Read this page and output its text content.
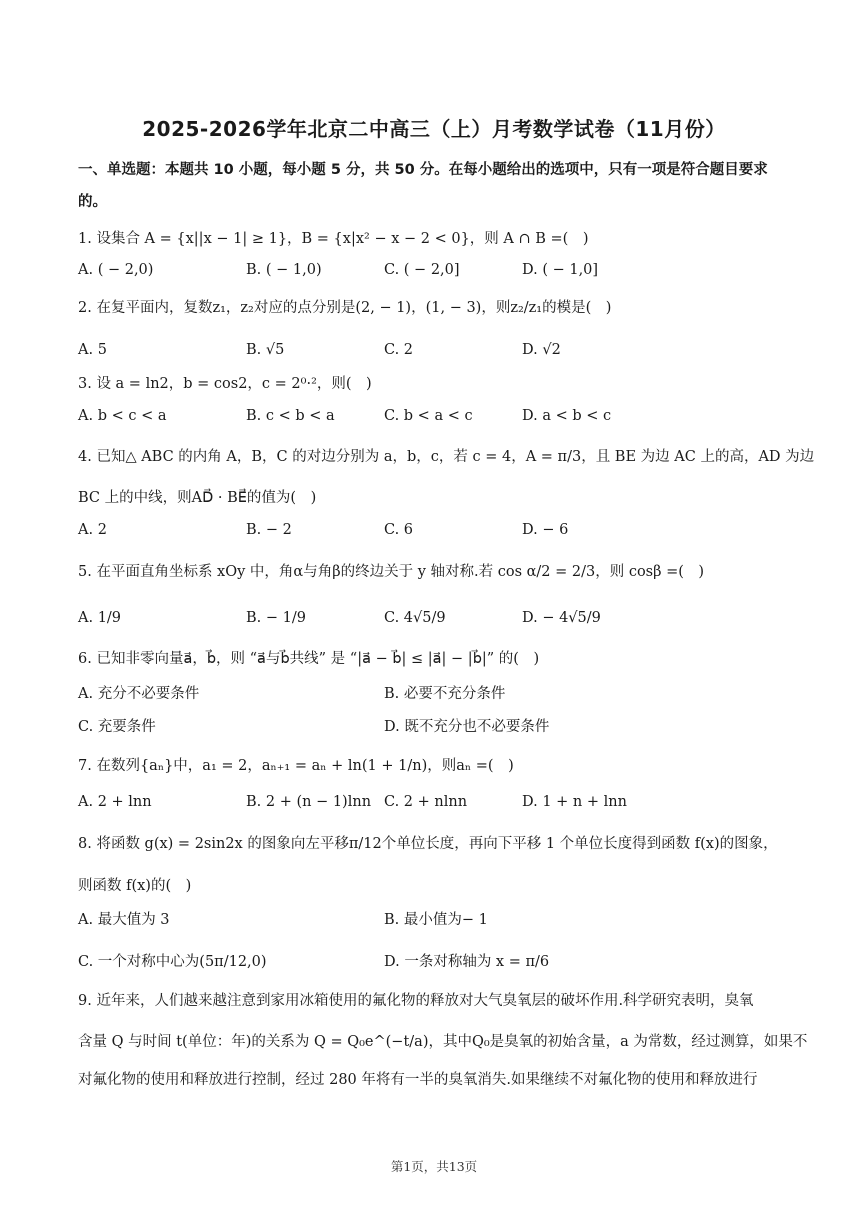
2025-2026学年北京二中高三（上）月考数学试卷（11月份）
一、单选题：本题共 10 小题，每小题 5 分，共 50 分。在每小题给出的选项中，只有一项是符合题目要求
的。
1. 设集合 A = {x||x − 1| ≥ 1}，B = {x|x² − x − 2 < 0}，则 A ∩ B =(　)
A. ( − 2,0)	B. ( − 1,0)	C. ( − 2,0]	D. ( − 1,0]
2. 在复平面内，复数z₁，z₂对应的点分别是(2, − 1)，(1, − 3)，则z₂/z₁的模是(　)
A. 5	B. √5	C. 2	D. √2
3. 设 a = ln2，b = cos2，c = 2⁰·²，则(　)
A. b < c < a	B. c < b < a	C. b < a < c	D. a < b < c
4. 已知△ ABC 的内角 A，B，C 的对边分别为 a，b，c，若 c = 4，A = π/3，且 BE 为边 AC 上的高，AD 为边
BC 上的中线，则AD⃗ · BE⃗的值为(　)
A. 2	B. − 2	C. 6	D. − 6
5. 在平面直角坐标系 xOy 中，角α与角β的终边关于 y 轴对称.若 cos α/2 = 2/3，则 cosβ =(　)
A. 1/9	B. − 1/9	C. 4√5/9	D. − 4√5/9
6. 已知非零向量a⃗，b⃗，则 “a⃗与b⃗共线” 是 “|a⃗ − b⃗| ≤ |a⃗| − |b⃗|” 的(　)
A. 充分不必要条件	B. 必要不充分条件
C. 充要条件	D. 既不充分也不必要条件
7. 在数列{aₙ}中，a₁ = 2，aₙ₊₁ = aₙ + ln(1 + 1/n)，则aₙ =(　)
A. 2 + lnn	B. 2 + (n − 1)lnn C. 2 + nlnn	D. 1 + n + lnn
8. 将函数 g(x) = 2sin2x 的图象向左平移π/12个单位长度，再向下平移 1 个单位长度得到函数 f(x)的图象，
则函数 f(x)的(　)
A. 最大值为 3	B. 最小值为− 1
C. 一个对称中心为(5π/12,0)	D. 一条对称轴为 x = π/6
9. 近年来，人们越来越注意到家用冰箱使用的氟化物的释放对大气臭氧层的破坏作用.科学研究表明，臭氧
含量 Q 与时间 t(单位：年)的关系为 Q = Q₀e^(−t/a)，其中Q₀是臭氧的初始含量，a 为常数，经过测算，如果不
对氟化物的使用和释放进行控制，经过 280 年将有一半的臭氧消失.如果继续不对氟化物的使用和释放进行
第1页，共13页
